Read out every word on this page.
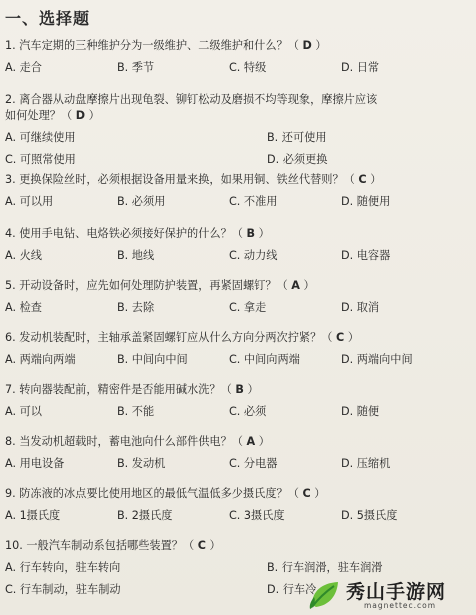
一、选择题
1. 汽车定期的三种维护分为一级维护、二级维护和什么？（ D ）
A. 走合	B. 季节	C. 特级	D. 日常
2. 离合器从动盘摩擦片出现龟裂、铆钉松动及磨损不均等现象，摩擦片应该
如何处理？（ D ）
A. 可继续使用	B. 还可使用
C. 可照常使用	D. 必须更换
3. 更换保险丝时，必须根据设备用量来换，如果用铜、铁丝代替则？（ C ）
A. 可以用	B. 必须用	C. 不准用	D. 随便用
4. 使用手电钻、电烙铁必须接好保护的什么？（ B ）
A. 火线	B. 地线	C. 动力线	D. 电容器
5. 开动设备时，应先如何处理防护装置，再紧固螺钉？（ A ）
A. 检查	B. 去除	C. 拿走	D. 取消
6. 发动机装配时，主轴承盖紧固螺钉应从什么方向分两次拧紧？（ C ）
A. 两端向两端	B. 中间向中间	C. 中间向两端	D. 两端向中间
7. 转向器装配前，精密件是否能用碱水洗？（ B ）
A. 可以	B. 不能	C. 必须	D. 随便
8. 当发动机超载时，蓄电池向什么部件供电？（ A ）
A. 用电设备	B. 发动机	C. 分电器	D. 压缩机
9. 防冻液的冰点要比使用地区的最低气温低多少摄氏度？（ C ）
A. 1摄氏度	B. 2摄氏度	C. 3摄氏度	D. 5摄氏度
10. 一般汽车制动系包括哪些装置？（ C ）
A. 行车转向，驻车转向	B. 行车润滑，驻车润滑
C. 行车制动，驻车制动	D. 行车冷 秀山手游网
magnettec.com
